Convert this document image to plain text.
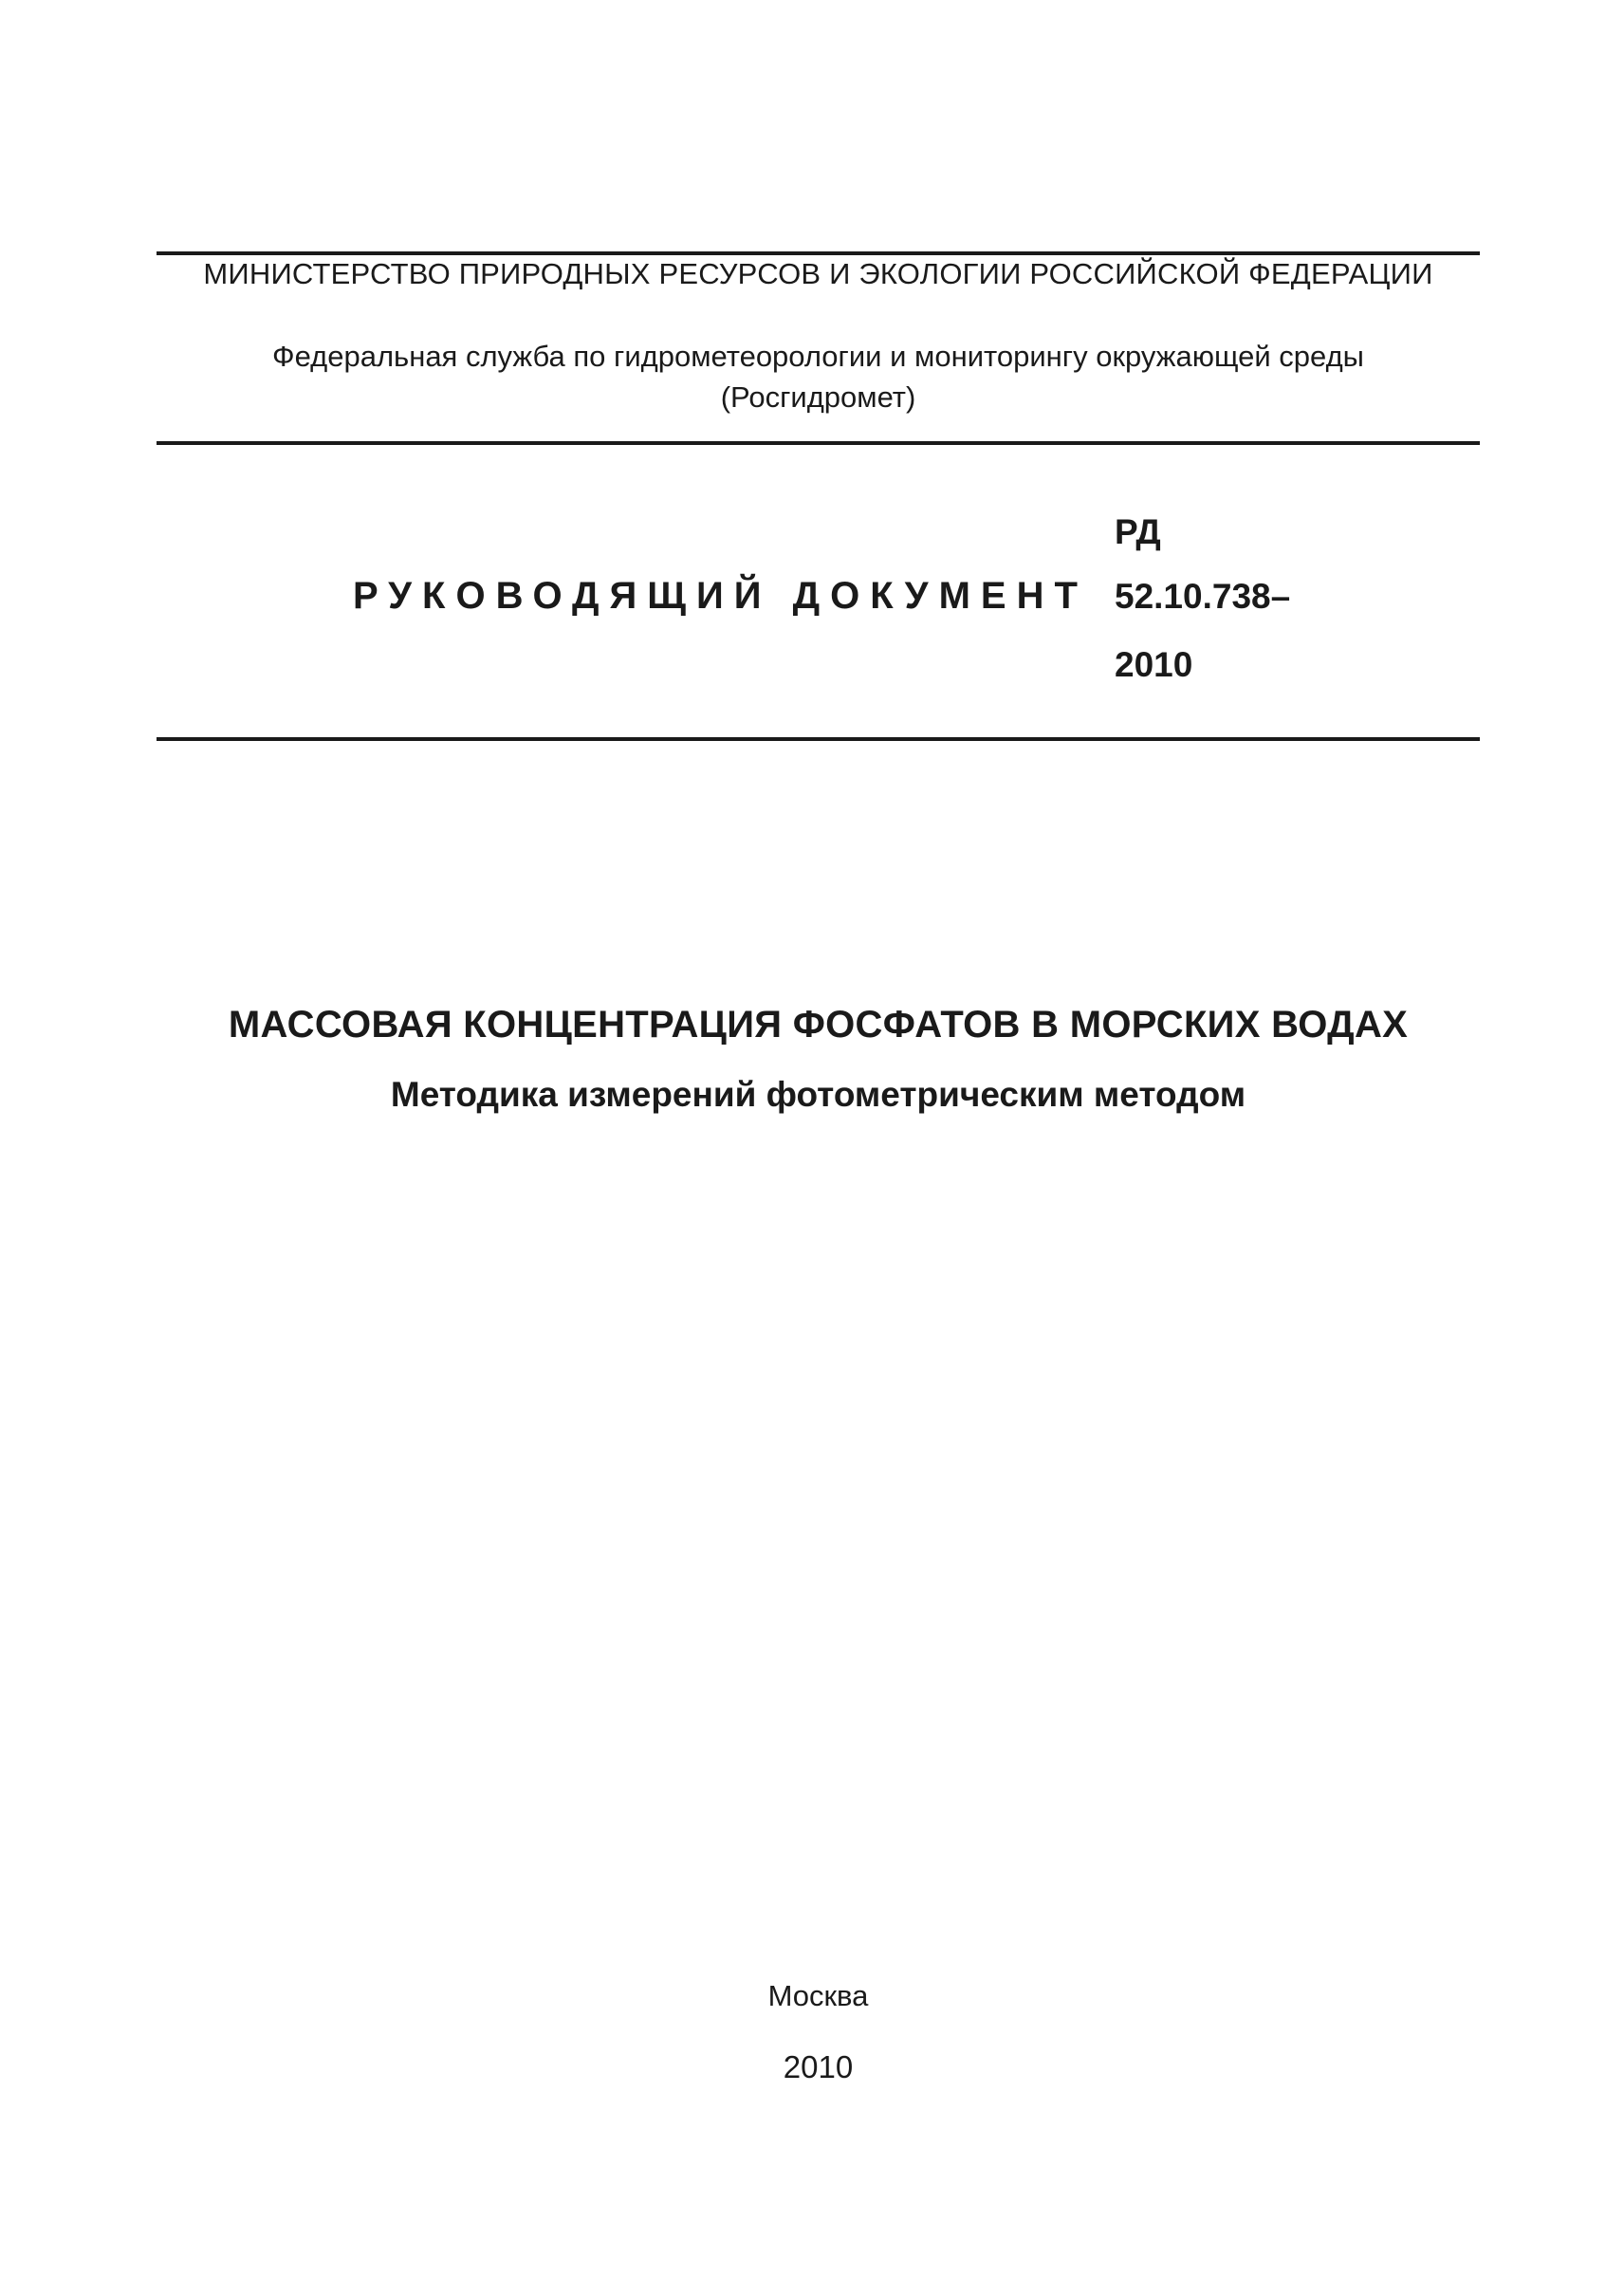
МИНИСТЕРСТВО ПРИРОДНЫХ РЕСУРСОВ И ЭКОЛОГИИ РОССИЙСКОЙ ФЕДЕРАЦИИ
Федеральная служба по гидрометеорологии и мониторингу окружающей среды
(Росгидромет)
РУКОВОДЯЩИЙ ДОКУМЕНТ
РД
52.10.738–
2010
МАССОВАЯ КОНЦЕНТРАЦИЯ ФОСФАТОВ В МОРСКИХ ВОДАХ
Методика измерений фотометрическим методом
Москва
2010
